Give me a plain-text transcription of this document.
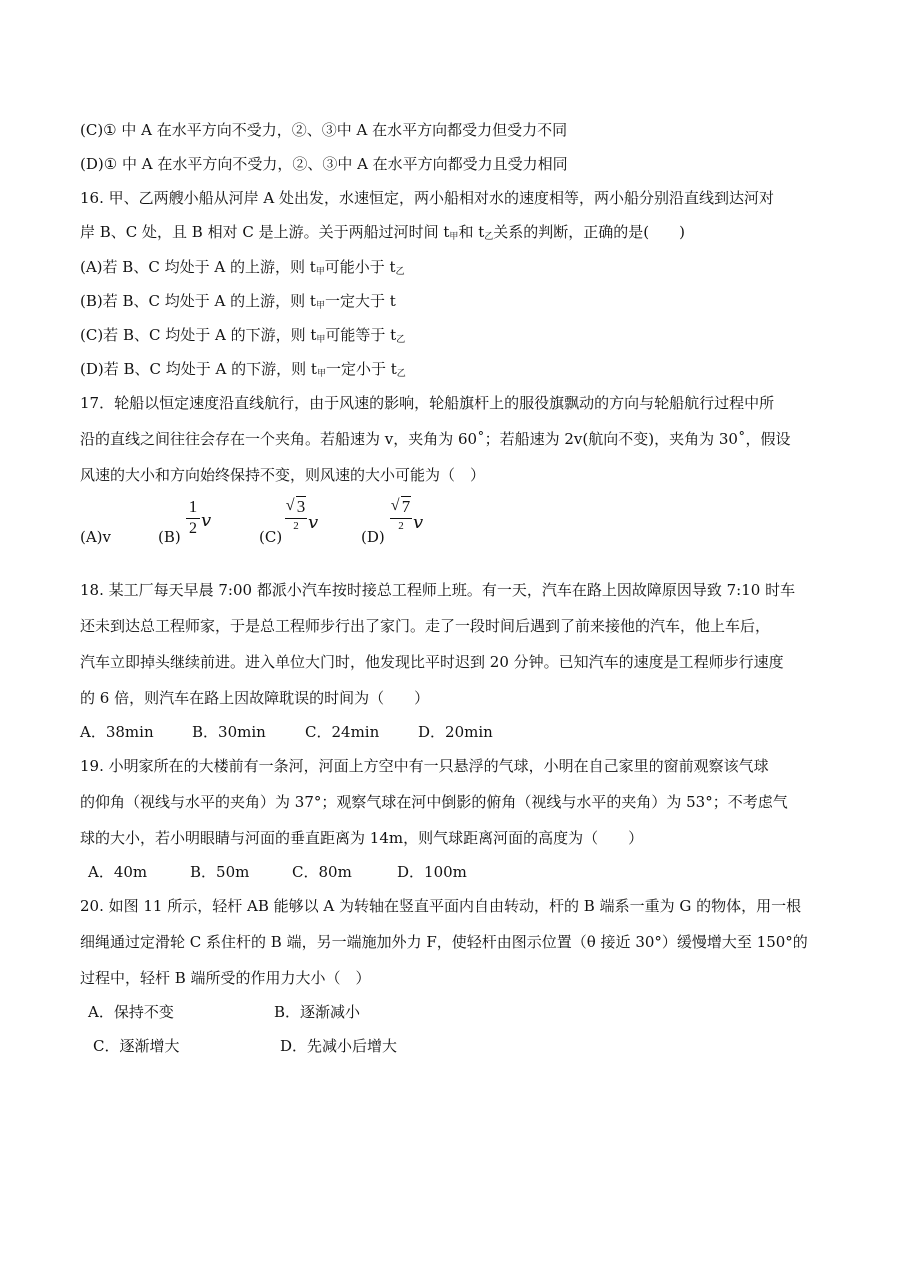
(C)① 中 A 在水平方向不受力，②、③中 A 在水平方向都受力但受力不同
(D)① 中 A 在水平方向不受力，②、③中 A 在水平方向都受力且受力相同
16. 甲、乙两艘小船从河岸 A 处出发，水速恒定，两小船相对水的速度相等，两小船分别沿直线到达河对
岸 B、C 处，且 B 相对 C 是上游。关于两船过河时间 $t_甲$和 $t_乙$关系的判断，正确的是(　　)
(A)若 B、C 均处于 A 的上游，则 $t_甲$可能小于 $t_乙$
(B)若 B、C 均处于 A 的上游，则 $t_甲$一定大于 t
(C)若 B、C 均处于 A 的下游，则 $t_甲$可能等于 $t_乙$
(D)若 B、C 均处于 A 的下游，则 $t_甲$一定小于 $t_乙$
17．轮船以恒定速度沿直线航行，由于风速的影响，轮船旗杆上的服役旗飘动的方向与轮船航行过程中所
沿的直线之间往往会存在一个夹角。若船速为 v，夹角为 60˚；若船速为 2v(航向不变)，夹角为 30˚，假设
风速的大小和方向始终保持不变，则风速的大小可能为（　）
(A)v	(B)
1
2 v
(C)
√ 3
2 v
(D)
√ 7
2 v
18. 某工厂每天早晨 7:00 都派小汽车按时接总工程师上班。有一天，汽车在路上因故障原因导致 7:10 时车
还未到达总工程师家，于是总工程师步行出了家门。走了一段时间后遇到了前来接他的汽车，他上车后，
汽车立即掉头继续前进。进入单位大门时，他发现比平时迟到 20 分钟。已知汽车的速度是工程师步行速度
的 6 倍，则汽车在路上因故障耽误的时间为（　　）
A．38min	B．30min	C．24min	D．20min
19. 小明家所在的大楼前有一条河，河面上方空中有一只悬浮的气球，小明在自己家里的窗前观察该气球
的仰角（视线与水平的夹角）为 37°；观察气球在河中倒影的俯角（视线与水平的夹角）为 53°；不考虑气
球的大小，若小明眼睛与河面的垂直距离为 14m，则气球距离河面的高度为（　　）
A．40m	B．50m	C．80m	D．100m
20. 如图 11 所示，轻杆 AB 能够以 A 为转轴在竖直平面内自由转动，杆的 B 端系一重为 G 的物体，用一根
细绳通过定滑轮 C 系住杆的 B 端，另一端施加外力 F，使轻杆由图示位置（θ 接近 30°）缓慢增大至 150°的
过程中，轻杆 B 端所受的作用力大小（　）
A．保持不变	B．逐渐减小
C．逐渐增大	D．先减小后增大
